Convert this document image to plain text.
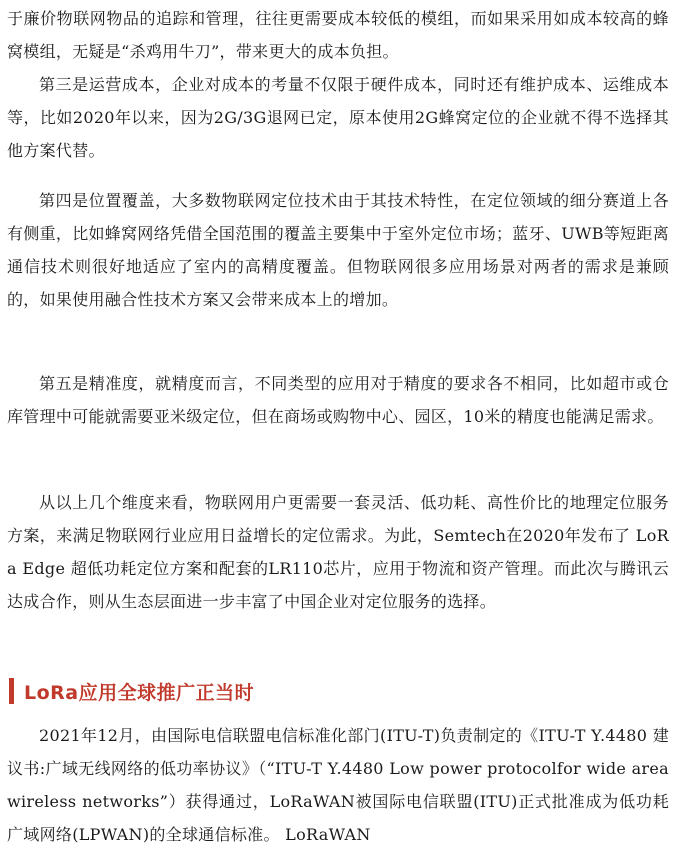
于廉价物联网物品的追踪和管理，往往更需要成本较低的模组，而如果采用如成本较高的蜂窝模组，无疑是“杀鸡用牛刀”，带来更大的成本负担。

第三是运营成本，企业对成本的考量不仅限于硬件成本，同时还有维护成本、运维成本等，比如2020年以来，因为2G/3G退网已定，原本使用2G蜂窝定位的企业就不得不选择其他方案代替。

第四是位置覆盖，大多数物联网定位技术由于其技术特性，在定位领域的细分赛道上各有侧重，比如蜂窝网络凭借全国范围的覆盖主要集中于室外定位市场；蓝牙、UWB等短距离通信技术则很好地适应了室内的高精度覆盖。但物联网很多应用场景对两者的需求是兼顾的，如果使用融合性技术方案又会带来成本上的增加。

第五是精准度，就精度而言，不同类型的应用对于精度的要求各不相同，比如超市或仓库管理中可能就需要亚米级定位，但在商场或购物中心、园区，10米的精度也能满足需求。

从以上几个维度来看，物联网用户更需要一套灵活、低功耗、高性价比的地理定位服务方案，来满足物联网行业应用日益增长的定位需求。为此，Semtech在2020年发布了 LoRa Edge 超低功耗定位方案和配套的LR110芯片，应用于物流和资产管理。而此次与腾讯云达成合作，则从生态层面进一步丰富了中国企业对定位服务的选择。

LoRa应用全球推广正当时

2021年12月，由国际电信联盟电信标准化部门(ITU-T)负责制定的《ITU-T Y.4480 建议书:广域无线网络的低功率协议》（“ITU-T Y.4480 Low power protocolfor wide area wireless networks”）获得通过，LoRaWAN被国际电信联盟(ITU)正式批准成为低功耗广域网络(LPWAN)的全球通信标准。 LoRaWAN
